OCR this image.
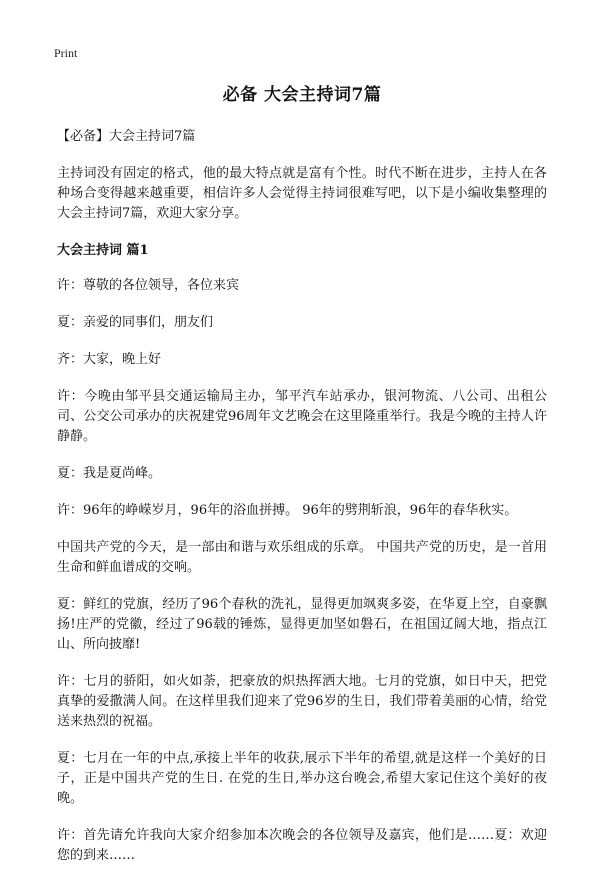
Print
必备 大会主持词7篇

【必备】大会主持词7篇

主持词没有固定的格式，他的最大特点就是富有个性。时代不断在进步，主持人在各种场合变得越来越重要，相信许多人会觉得主持词很难写吧，以下是小编收集整理的大会主持词7篇，欢迎大家分享。

大会主持词 篇1

许：尊敬的各位领导，各位来宾

夏：亲爱的同事们，朋友们

齐：大家，晚上好

许：今晚由邹平县交通运输局主办，邹平汽车站承办，银河物流、八公司、出租公司、公交公司承办的庆祝建党96周年文艺晚会在这里隆重举行。我是今晚的主持人许静静。

夏：我是夏尚峰。

许：96年的峥嵘岁月，96年的浴血拼搏。 96年的劈荆斩浪，96年的春华秋实。

中国共产党的今天，是一部由和谐与欢乐组成的乐章。 中国共产党的历史，是一首用生命和鲜血谱成的交响。

夏：鲜红的党旗，经历了96个春秋的洗礼，显得更加飒爽多姿，在华夏上空，自豪飘扬!庄严的党徽，经过了96载的锤炼，显得更加坚如磐石，在祖国辽阔大地，指点江山、所向披靡!

许：七月的骄阳，如火如荼，把豪放的炽热挥洒大地。七月的党旗，如日中天，把党真挚的爱撒满人间。在这样里我们迎来了党96岁的生日，我们带着美丽的心情，给党送来热烈的祝福。

夏：七月在一年的中点,承接上半年的收获,展示下半年的希望,就是这样一个美好的日子，正是中国共产党的生日. 在党的生日,举办这台晚会,希望大家记住这个美好的夜晚。

许：首先请允许我向大家介绍参加本次晚会的各位领导及嘉宾，他们是……夏：欢迎您的到来……
